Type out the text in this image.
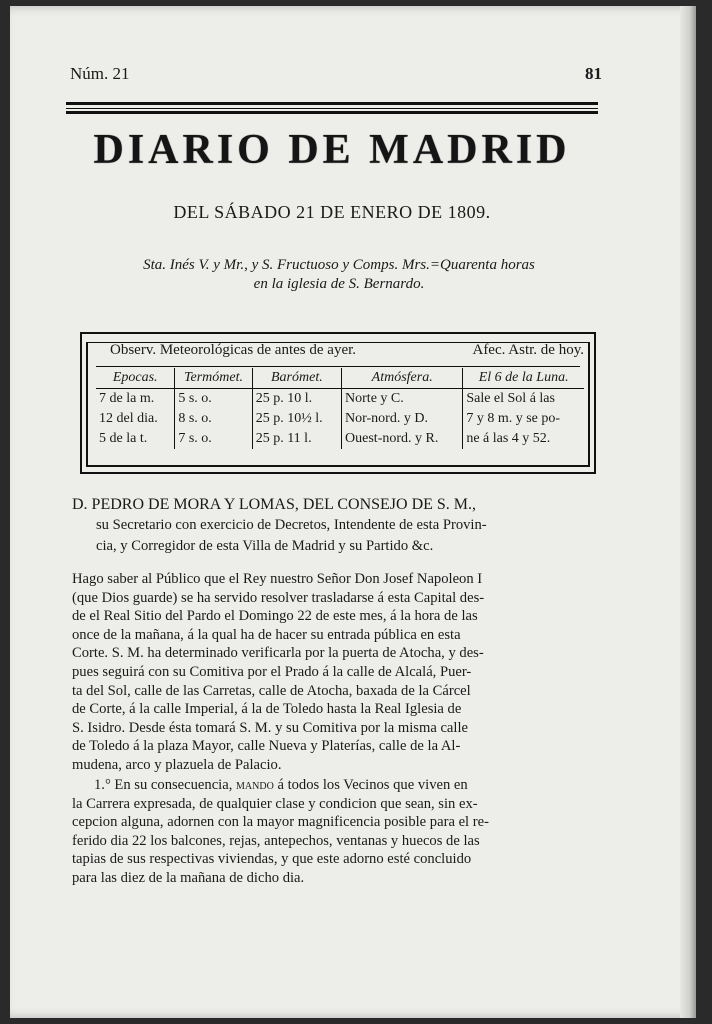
Núm. 21	81
DIARIO DE MADRID
DEL SÁBADO 21 DE ENERO DE 1809.
Sta. Inés V. y Mr., y S. Fructuoso y Comps. Mrs.=Quarenta horas
en la iglesia de S. Bernardo.
Observ. Meteorológicas de antes de ayer.	Afec. Astr. de hoy.
Epocas.	Termómet.	Barómet.	Atmósfera.	El 6 de la Luna.
7 de la m.	5 s. o.	25 p. 10 l.	Norte y C.	Sale el Sol á las
12 del dia.	8 s. o.	25 p. 10½ l.	Nor-nord. y D.	7 y 8 m. y se po-
5 de la t.	7 s. o.	25 p. 11 l.	Ouest-nord. y R.	ne á las 4 y 52.
D. PEDRO DE MORA Y LOMAS, DEL CONSEJO DE S. M.,
su Secretario con exercicio de Decretos, Intendente de esta Provin-
cia, y Corregidor de esta Villa de Madrid y su Partido &c.
Hago saber al Público que el Rey nuestro Señor Don Josef Napoleon I
(que Dios guarde) se ha servido resolver trasladarse á esta Capital des-
de el Real Sitio del Pardo el Domingo 22 de este mes, á la hora de las
once de la mañana, á la qual ha de hacer su entrada pública en esta
Corte. S. M. ha determinado verificarla por la puerta de Atocha, y des-
pues seguirá con su Comitiva por el Prado á la calle de Alcalá, Puer-
ta del Sol, calle de las Carretas, calle de Atocha, baxada de la Cárcel
de Corte, á la calle Imperial, á la de Toledo hasta la Real Iglesia de
S. Isidro. Desde ésta tomará S. M. y su Comitiva por la misma calle
de Toledo á la plaza Mayor, calle Nueva y Platerías, calle de la Al-
mudena, arco y plazuela de Palacio.
1.° En su consecuencia, mando á todos los Vecinos que viven en
la Carrera expresada, de qualquier clase y condicion que sean, sin ex-
cepcion alguna, adornen con la mayor magnificencia posible para el re-
ferido dia 22 los balcones, rejas, antepechos, ventanas y huecos de las
tapias de sus respectivas viviendas, y que este adorno esté concluido
para las diez de la mañana de dicho dia.
